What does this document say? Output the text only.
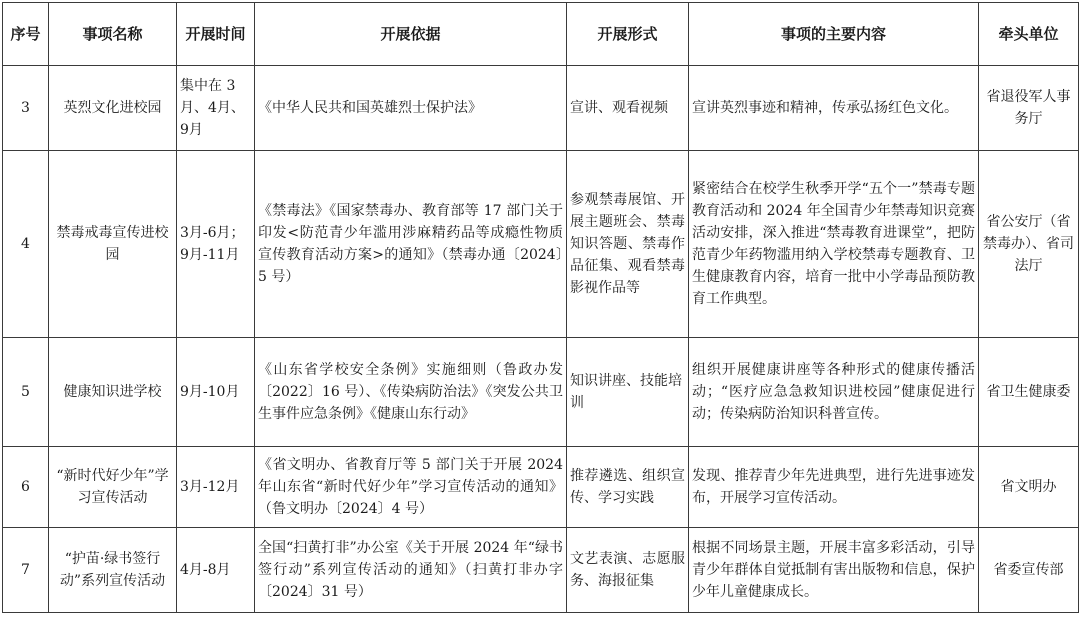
序号	事项名称	开展时间	开展依据	开展形式	事项的主要内容	牵头单位
3	英烈文化进校园	集中在 3月、4月、9月	《中华人民共和国英雄烈士保护法》	宣讲、观看视频	宣讲英烈事迹和精神，传承弘扬红色文化。	省退役军人事务厅
4	禁毒戒毒宣传进校园	3月-6月；9月-11月	《禁毒法》《国家禁毒办、教育部等 17 部门关于印发<防范青少年滥用涉麻精药品等成瘾性物质宣传教育活动方案>的通知》（禁毒办通〔2024〕5 号）	参观禁毒展馆、开展主题班会、禁毒知识答题、禁毒作品征集、观看禁毒影视作品等	紧密结合在校学生秋季开学“五个一”禁毒专题教育活动和 2024 年全国青少年禁毒知识竞赛活动安排，深入推进“禁毒教育进课堂”，把防范青少年药物滥用纳入学校禁毒专题教育、卫生健康教育内容，培育一批中小学毒品预防教育工作典型。	省公安厅（省禁毒办）、省司法厅
5	健康知识进学校	9月-10月	《山东省学校安全条例》实施细则（鲁政办发〔2022〕16 号）、《传染病防治法》《突发公共卫生事件应急条例》《健康山东行动》	知识讲座、技能培训	组织开展健康讲座等各种形式的健康传播活动；“医疗应急急救知识进校园”健康促进行动；传染病防治知识科普宣传。	省卫生健康委
6	“新时代好少年”学习宣传活动	3月-12月	《省文明办、省教育厅等 5 部门关于开展 2024 年山东省“新时代好少年”学习宣传活动的通知》（鲁文明办〔2024〕4 号）	推荐遴选、组织宣传、学习实践	发现、推荐青少年先进典型，进行先进事迹发布，开展学习宣传活动。	省文明办
7	“护苗·绿书签行动”系列宣传活动	4月-8月	全国“扫黄打非”办公室《关于开展 2024 年“绿书签行动”系列宣传活动的通知》（扫黄打非办字〔2024〕31 号）	文艺表演、志愿服务、海报征集	根据不同场景主题，开展丰富多彩活动，引导青少年群体自觉抵制有害出版物和信息，保护少年儿童健康成长。	省委宣传部
